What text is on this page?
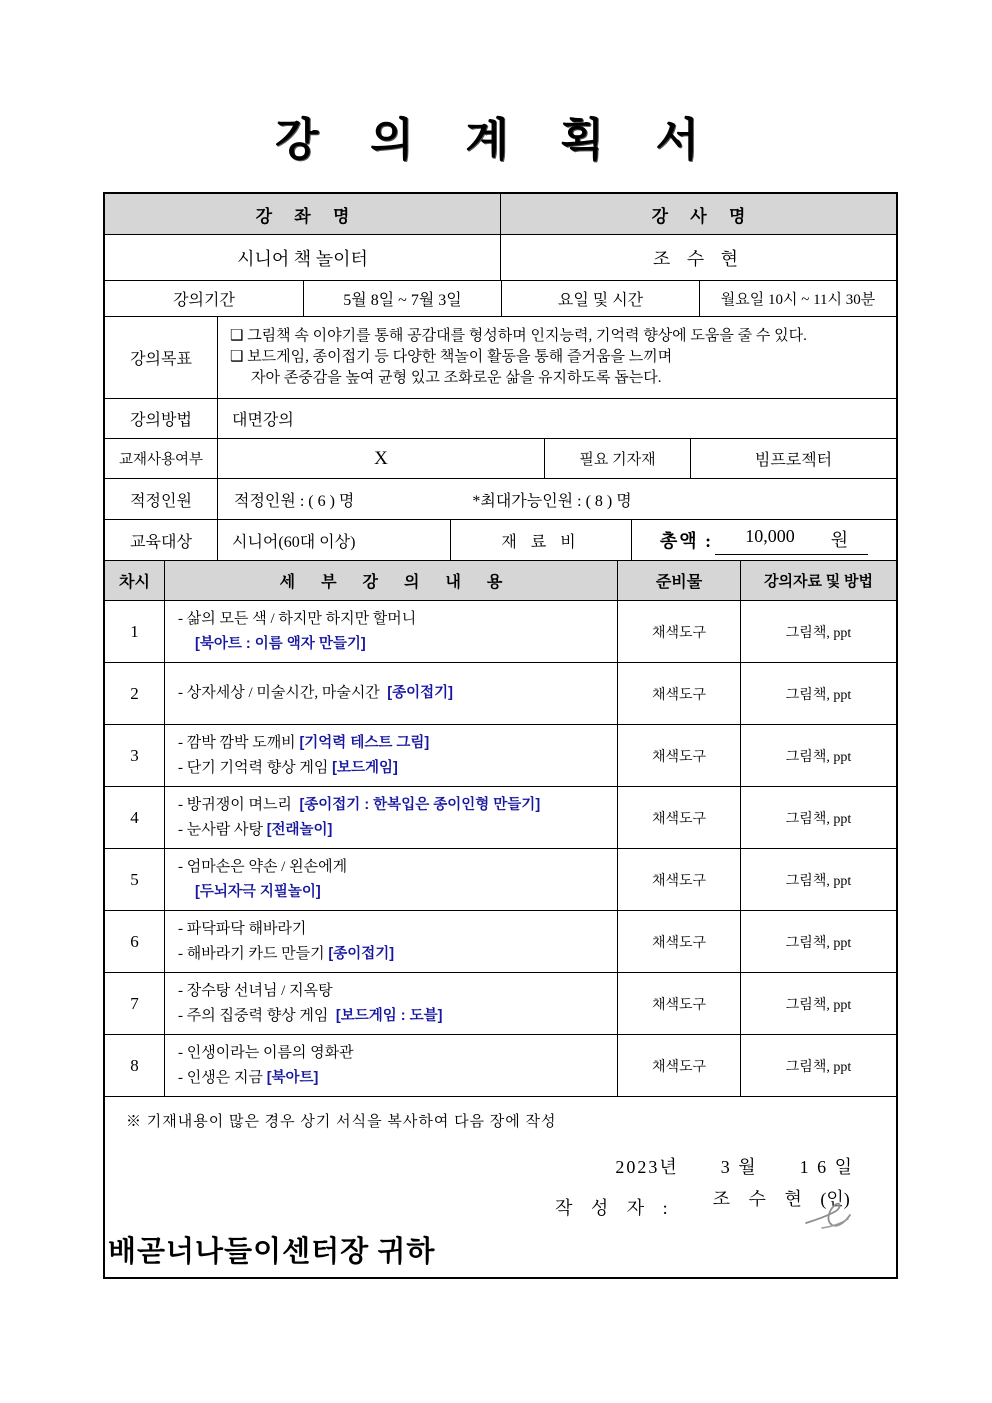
강 의 계 획 서
강 좌 명	강 사 명
시니어 책 놀이터	조 수 현
강의기간	5월 8일 ~ 7월 3일	요일 및 시간	월요일 10시 ~ 11시 30분
강의목표
❑ 그림책 속 이야기를 통해 공감대를 형성하며 인지능력, 기억력 향상에 도움을 줄 수 있다.
❑ 보드게임, 종이접기 등 다양한 책놀이 활동을 통해 즐거움을 느끼며
자아 존중감을 높여 균형 있고 조화로운 삶을 유지하도록 돕는다.
강의방법	대면강의
교재사용여부	X	필요 기자재	빔프로젝터
적정인원	적정인원 : ( 6 ) 명	*최대가능인원 : ( 8 ) 명
교육대상	시니어(60대 이상)	재 료 비	총액 : 10,000 원
차시	세 부 강 의 내 용	준비물	강의자료 및 방법
1
- 삶의 모든 색 / 하지만 하지만 할머니
[북아트 : 이름 액자 만들기]
채색도구	그림책, ppt
2	- 상자세상 / 미술시간, 마술시간  [종이접기]	채색도구	그림책, ppt
3
- 깜박 깜박 도깨비 [기억력 테스트 그림]
- 단기 기억력 향상 게임 [보드게임]
채색도구	그림책, ppt
4
- 방귀쟁이 며느리  [종이접기 : 한복입은 종이인형 만들기]
- 눈사람 사탕 [전래놀이]
채색도구	그림책, ppt
5
- 엄마손은 약손 / 왼손에게
[두뇌자극 지필놀이]
채색도구	그림책, ppt
6
- 파닥파닥 해바라기
- 해바라기 카드 만들기 [종이접기]
채색도구	그림책, ppt
7
- 장수탕 선녀님 / 지옥탕
- 주의 집중력 향상 게임  [보드게임 : 도블]
채색도구	그림책, ppt
8
- 인생이라는 이름의 영화관
- 인생은 지금 [북아트]
채색도구	그림책, ppt
※ 기재내용이 많은 경우 상기 서식을 복사하여 다음 장에 작성
2023년 3 월 1 6 일
작 성 자 : 조 수 현 (인)
배곧너나들이센터장 귀하
